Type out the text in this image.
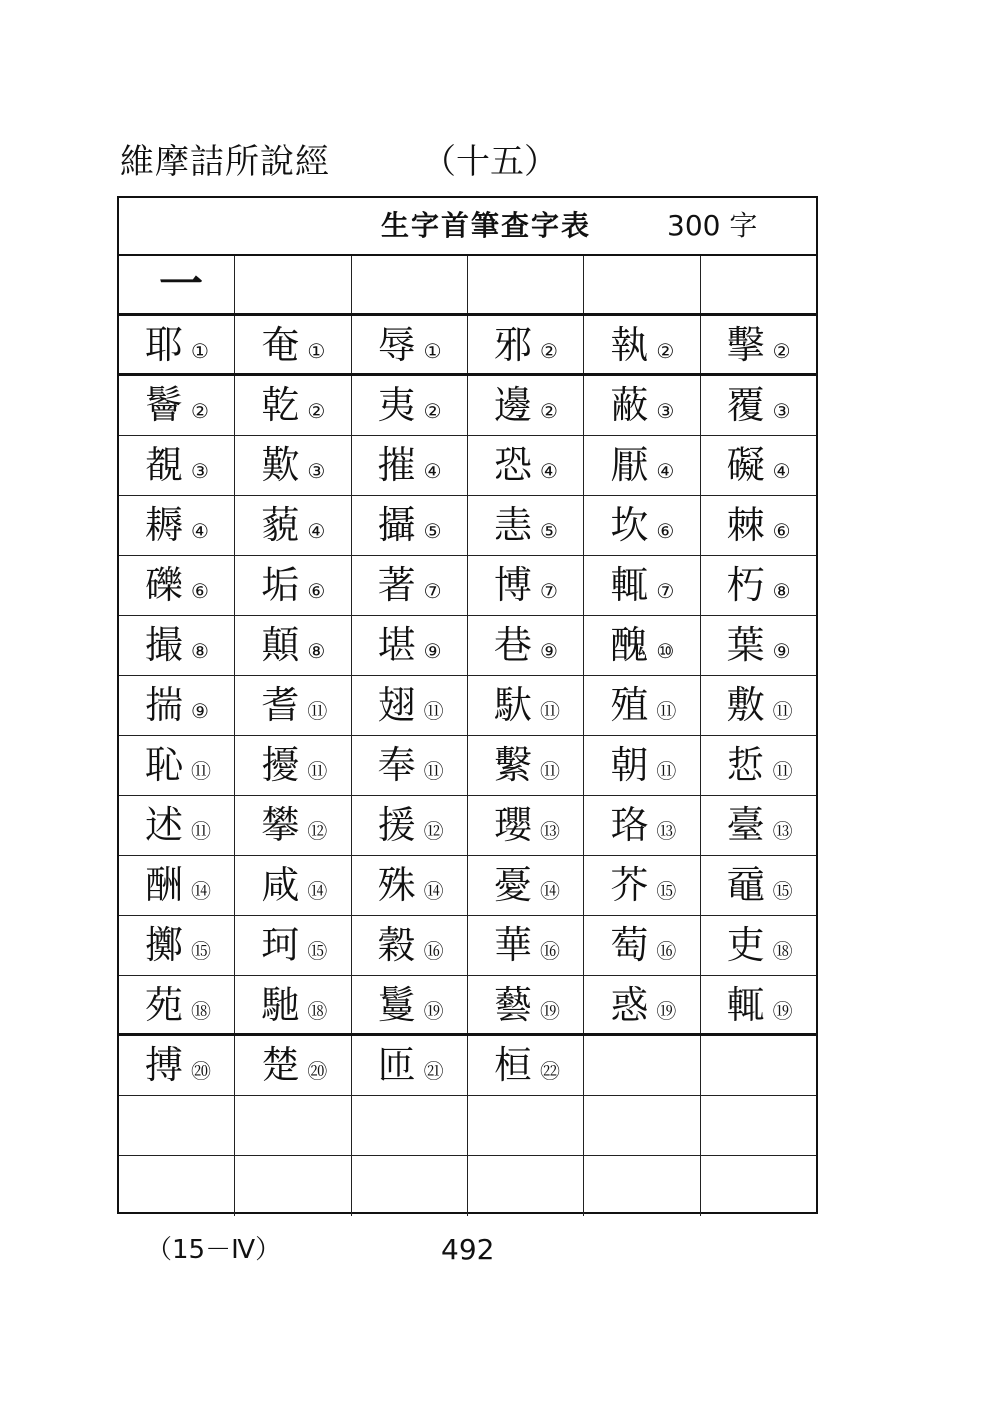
維摩詰所說經	（十五）
生字首筆查字表	300 字
一
耶 ① 奄 ① 辱 ① 邪 ② 執 ② 擊 ②
鬠 ② 乾 ② 夷 ② 邊 ② 蔽 ③ 覆 ③
覩 ③ 歎 ③ 摧 ④ 恐 ④ 厭 ④ 礙 ④
耨 ④ 藐 ④ 攝 ⑤ 恚 ⑤ 坎 ⑥ 棘 ⑥
礫 ⑥ 垢 ⑥ 著 ⑦ 博 ⑦ 輒 ⑦ 朽 ⑧
撮 ⑧ 顛 ⑧ 堪 ⑨ 巷 ⑨ 醜 ⑩ 葉 ⑨
揣 ⑨ 耆 ⑪ 翅 ⑪ 馱 ⑪ 殖 ⑪ 敷 ⑪
恥 ⑪ 擾 ⑪ 奉 ⑪ 繫 ⑪ 朝 ⑪ 悊 ⑪
述 ⑪ 攀 ⑫ 援 ⑫ 瓔 ⑬ 珞 ⑬ 臺 ⑬
酬 ⑭ 咸 ⑭ 殊 ⑭ 憂 ⑭ 芥 ⑮ 黿 ⑮
擲 ⑮ 珂 ⑮ 穀 ⑯ 華 ⑯ 萄 ⑯ 吏 ⑱
苑 ⑱ 馳 ⑱ 鬘 ⑲ 藝 ⑲ 惑 ⑲ 輒 ⑲
搏 ⑳ 楚 ⑳ 匝 ㉑ 桓 ㉒
（15－Ⅳ）	492
